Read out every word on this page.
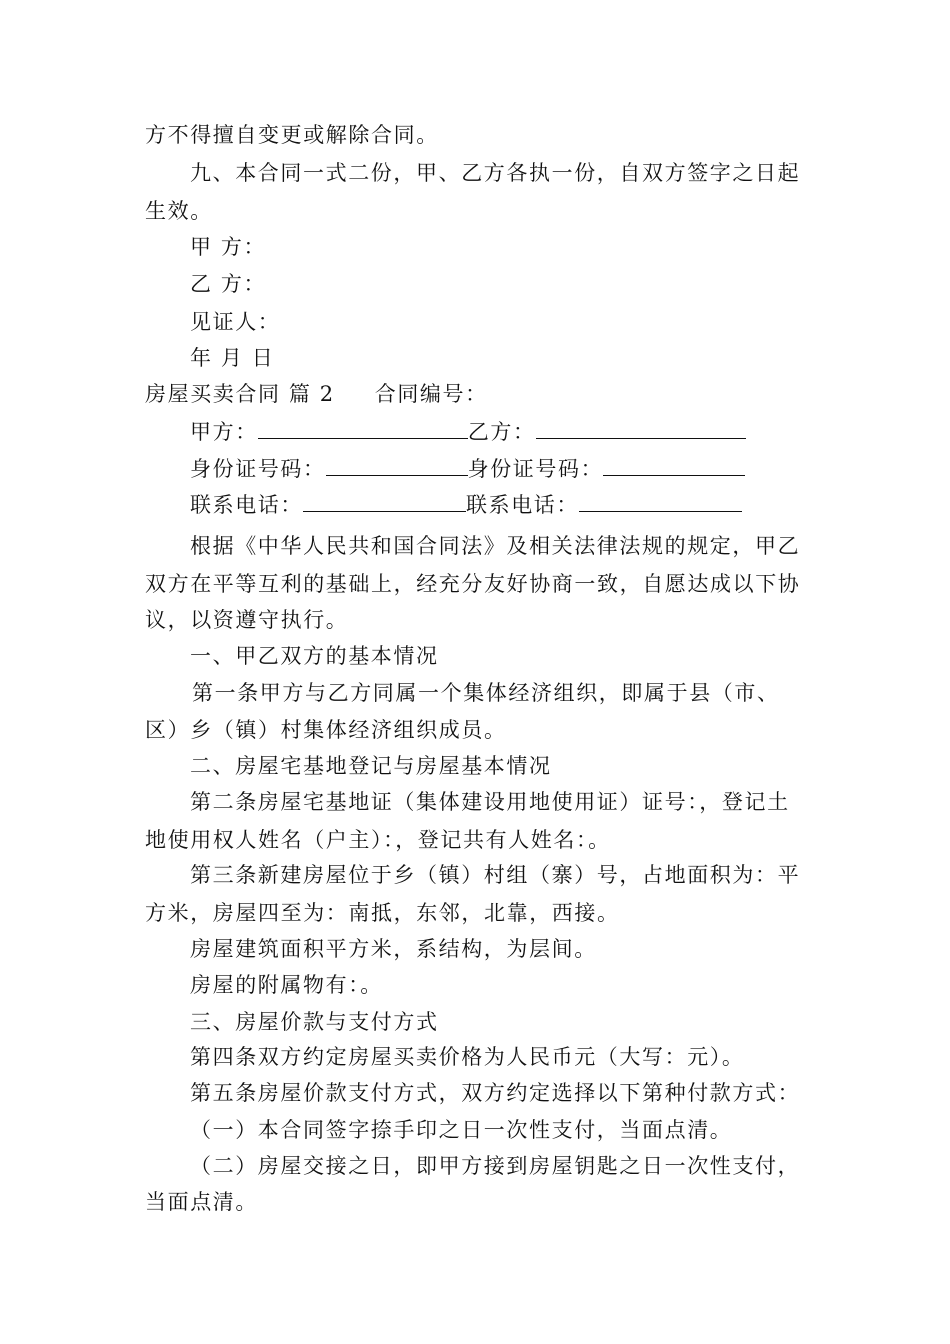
方不得擅自变更或解除合同。
九、本合同一式二份，甲、乙方各执一份，自双方签字之日起
生效。
甲 方：
乙 方：
见证人：
年 月 日
房屋买卖合同 篇 2 合同编号：
甲方：	乙方：
身份证号码：	身份证号码：
联系电话：	联系电话：
根据《中华人民共和国合同法》及相关法律法规的规定，甲乙
双方在平等互利的基础上，经充分友好协商一致，自愿达成以下协
议，以资遵守执行。
一、甲乙双方的基本情况
第一条甲方与乙方同属一个集体经济组织，即属于县（市、
区）乡（镇）村集体经济组织成员。
二、房屋宅基地登记与房屋基本情况
第二条房屋宅基地证（集体建设用地使用证）证号：，登记土
地使用权人姓名（户主）：，登记共有人姓名：。
第三条新建房屋位于乡（镇）村组（寨）号，占地面积为：平
方米，房屋四至为：南抵，东邻，北靠，西接。
房屋建筑面积平方米，系结构，为层间。
房屋的附属物有：。
三、房屋价款与支付方式
第四条双方约定房屋买卖价格为人民币元（大写：元）。
第五条房屋价款支付方式，双方约定选择以下第种付款方式：
（一）本合同签字捺手印之日一次性支付，当面点清。
（二）房屋交接之日，即甲方接到房屋钥匙之日一次性支付，
当面点清。
